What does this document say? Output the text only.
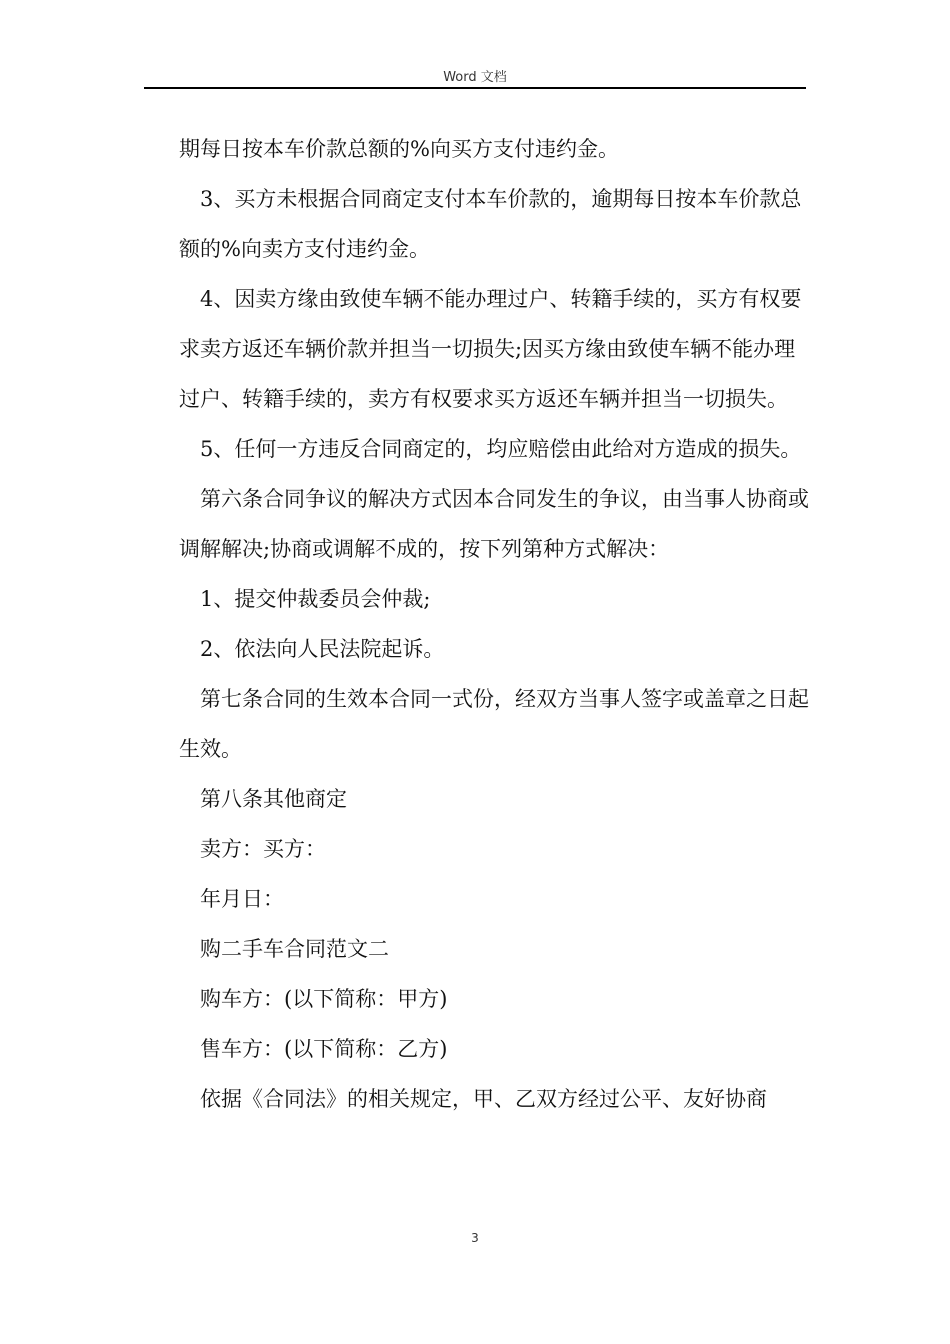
Word 文档

期每日按本车价款总额的%向买方支付违约金。

3、买方未根据合同商定支付本车价款的，逾期每日按本车价款总额的%向卖方支付违约金。

4、因卖方缘由致使车辆不能办理过户、转籍手续的，买方有权要求卖方返还车辆价款并担当一切损失;因买方缘由致使车辆不能办理过户、转籍手续的，卖方有权要求买方返还车辆并担当一切损失。

5、任何一方违反合同商定的，均应赔偿由此给对方造成的损失。

第六条合同争议的解决方式因本合同发生的争议，由当事人协商或调解解决;协商或调解不成的，按下列第种方式解决：

1、提交仲裁委员会仲裁;

2、依法向人民法院起诉。

第七条合同的生效本合同一式份，经双方当事人签字或盖章之日起生效。

第八条其他商定

卖方：买方：

年月日：

购二手车合同范文二

购车方：(以下简称：甲方)

售车方：(以下简称：乙方)

依据《合同法》的相关规定，甲、乙双方经过公平、友好协商

3
